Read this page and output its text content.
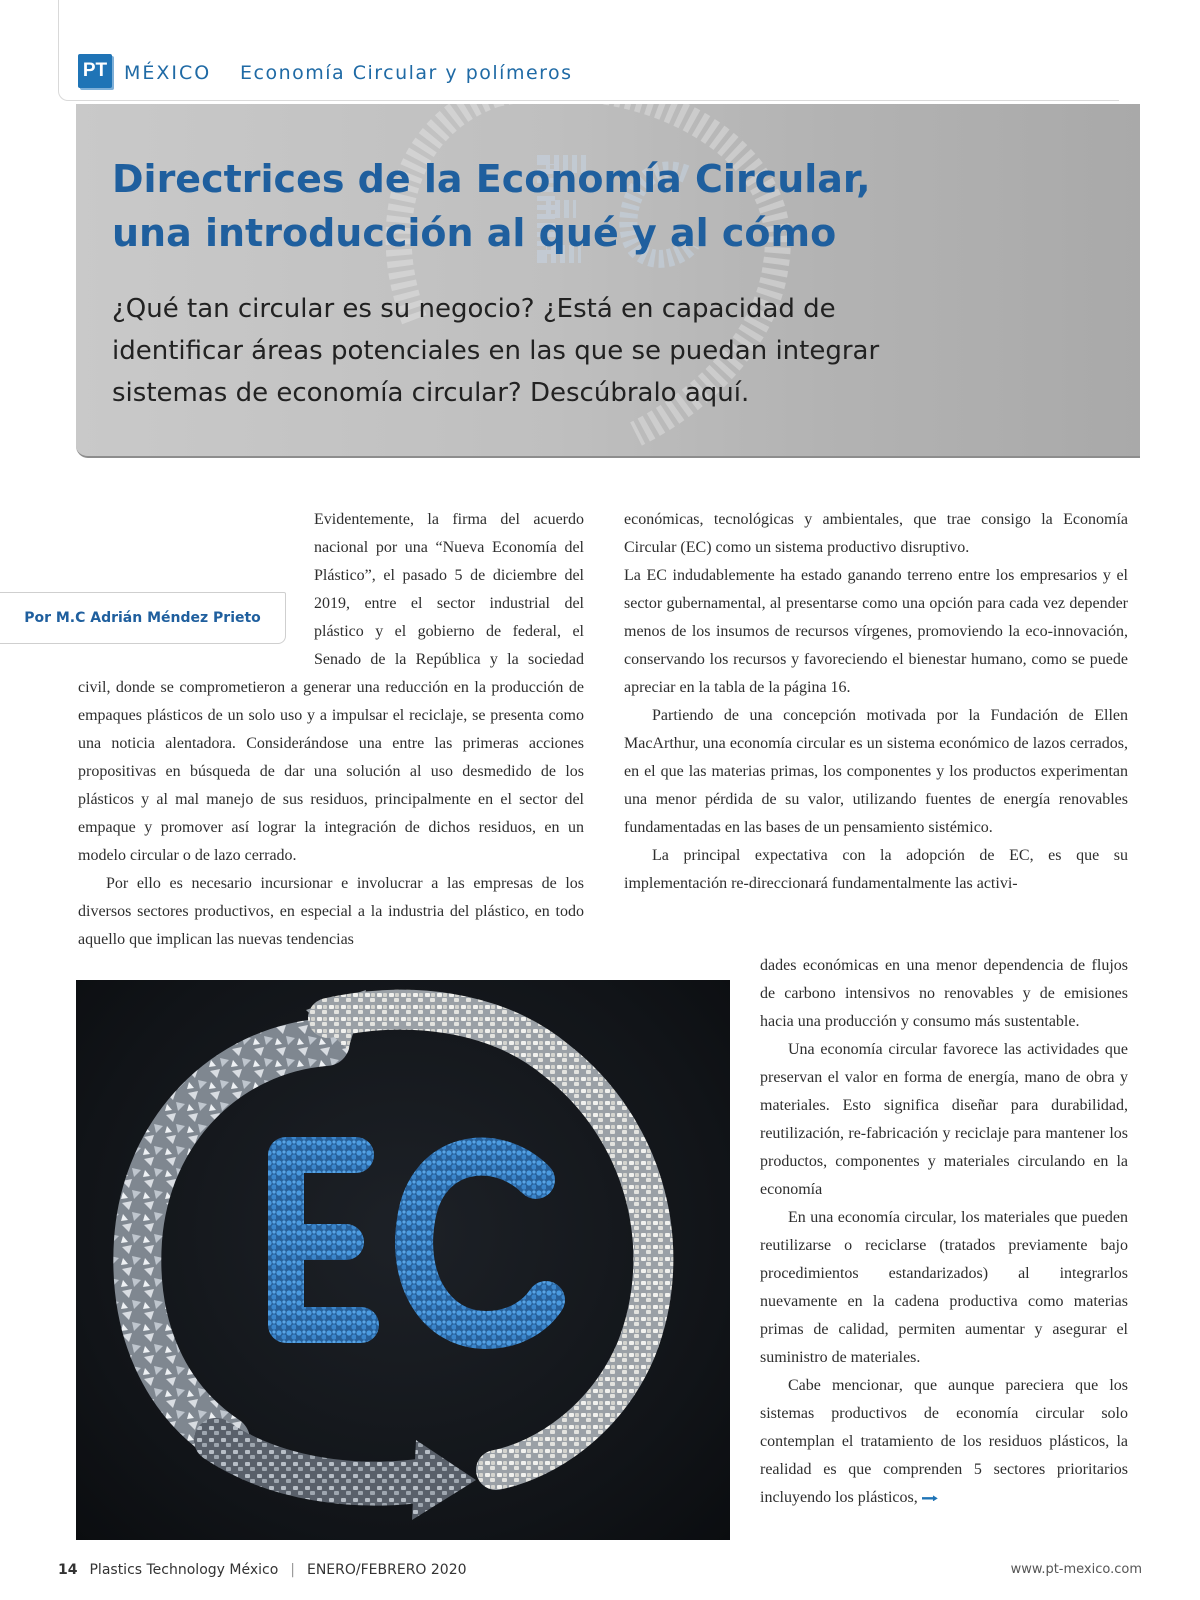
PT MÉXICO Economía Circular y polímeros
Directrices de la Economía Circular, una introducción al qué y al cómo

¿Qué tan circular es su negocio? ¿Está en capacidad de identificar áreas potenciales en las que se puedan integrar sistemas de economía circular? Descúbralo aquí.

Por M.C Adrián Méndez Prieto

Evidentemente, la firma del acuerdo nacional por una “Nueva Economía del Plástico”, el pasado 5 de diciembre del 2019, entre el sector industrial del plástico y el gobierno de federal, el Senado de la República y la sociedad civil, donde se comprometieron a generar una reducción en la producción de empaques plásticos de un solo uso y a impulsar el reciclaje, se presenta como una noticia alentadora. Considerándose una entre las primeras acciones propositivas en búsqueda de dar una solución al uso desmedido de los plásticos y al mal manejo de sus residuos, principalmente en el sector del empaque y promover así lograr la integración de dichos residuos, en un modelo circular o de lazo cerrado.

Por ello es necesario incursionar e involucrar a las empresas de los diversos sectores productivos, en especial a la industria del plástico, en todo aquello que implican las nuevas tendencias

económicas, tecnológicas y ambientales, que trae consigo la Economía Circular (EC) como un sistema productivo disruptivo.

La EC indudablemente ha estado ganando terreno entre los empresarios y el sector gubernamental, al presentarse como una opción para cada vez depender menos de los insumos de recursos vírgenes, promoviendo la eco-innovación, conservando los recursos y favoreciendo el bienestar humano, como se puede apreciar en la tabla de la página 16.

Partiendo de una concepción motivada por la Fundación de Ellen MacArthur, una economía circular es un sistema económico de lazos cerrados, en el que las materias primas, los componentes y los productos experimentan una menor pérdida de su valor, utilizando fuentes de energía renovables fundamentadas en las bases de un pensamiento sistémico.

La principal expectativa con la adopción de EC, es que su implementación re-direccionará fundamentalmente las activi-

dades económicas en una menor dependencia de flujos de carbono intensivos no renovables y de emisiones hacia una producción y consumo más sustentable.

Una economía circular favorece las actividades que preservan el valor en forma de energía, mano de obra y materiales. Esto significa diseñar para durabilidad, reutilización, re-fabricación y reciclaje para mantener los productos, componentes y materiales circulando en la economía

En una economía circular, los materiales que pueden reutilizarse o reciclarse (tratados previamente bajo procedimientos estandarizados) al integrarlos nuevamente en la cadena productiva como materias primas de calidad, permiten aumentar y asegurar el suministro de materiales.

Cabe mencionar, que aunque pareciera que los sistemas productivos de economía circular solo contemplan el tratamiento de los residuos plásticos, la realidad es que comprenden 5 sectores prioritarios incluyendo los plásticos,

14 Plastics Technology México | ENERO/FEBRERO 2020	www.pt-mexico.com
